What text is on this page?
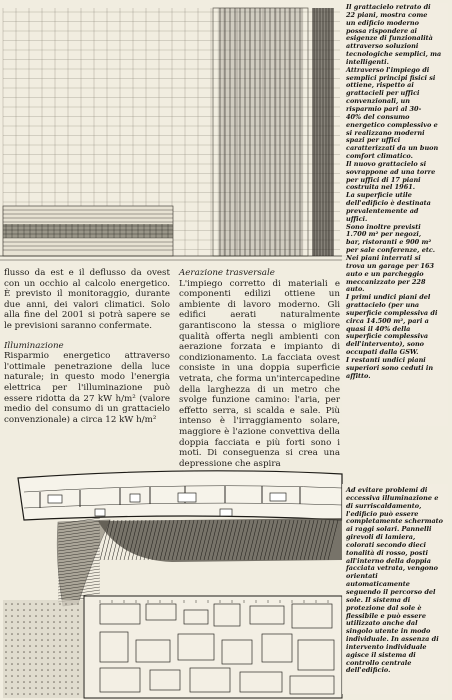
flusso da est e il deflusso da ovest con un occhio al calcolo energetico. È previsto il monitoraggio, durante due anni, dei valori climatici. Solo alla fine del 2001 si potrà sapere se le previsioni saranno confermate.

Illuminazione

Risparmio energetico attraverso l'ottimale penetrazione della luce naturale; in questo modo l'energia elettrica per l'illuminazione può essere ridotta da 27 kW h/m² (valore medio del consumo di un grattacielo convenzionale) a circa 12 kW h/m²

Aerazione trasversale

L'impiego corretto di materiali e componenti edilizi ottiene un ambiente di lavoro moderno. Gli edifici aerati naturalmente garantiscono la stessa o migliore qualità offerta negli ambienti con aerazione forzata e impianto di condizionamento. La facciata ovest consiste in una doppia superficie vetrata, che forma un'intercapedine della larghezza di un metro che svolge funzione camino: l'aria, per effetto serra, si scalda e sale. Più intenso è l'irraggiamento solare, maggiore è l'azione convettiva della doppia facciata e più forti sono i moti. Di conseguenza si crea una depressione che aspira

Il grattacielo retrato di
22 piani, mostra come
un edificio moderno
possa rispondere ai
esigenze di funzionalità
attraverso soluzioni
tecnologiche semplici, ma
intelligenti.
Attraverso l'impiego di
semplici principi fisici si
ottiene, rispetto ai
grattacieli per uffici
convenzionali, un
risparmio pari al 30-
40% del consumo
energetico complessivo e
si realizzano moderni
spazi per uffici
caratterizzati da un buon
comfort climatico.
Il nuovo grattacielo si
sovrappone ad una torre
per uffici di 17 piani
costruita nel 1961.
La superficie utile
dell'edificio è destinata
prevalentemente ad
uffici.
Sono inoltre previsti
1.700 m² per negozi,
bar, ristoranti e 900 m²
per sale conferenze, etc.
Nei piani interrati si
trova un garage per 163
auto e un parcheggio
meccanizzato per 228
auto.
I primi undici piani del
grattacielo (per una
superficie complessiva di
circa 14.500 m², pari a
quasi il 40% della
superficie complessiva
dell'intervento), sono
occupati dalla GSW.
I restanti undici piani
superiori sono ceduti in
affitto.
Ad evitare problemi di
eccessiva illuminazione e
di surriscaldamento,
l'edificio può essere
completamente schermato
ai raggi solari. Pannelli
girevoli di lamiera,
colorati secondo dieci
tonalità di rosso, posti
all'interno della doppia
facciata vetrata, vengono
orientati
automaticamente
seguendo il percorso del
sole. Il sistema di
protezione dal sole è
flessibile e può essere
utilizzato anche dal
singolo utente in modo
individuale. In assenza di
intervento individuale
agisce il sistema di
controllo centrale
dell'edificio.
